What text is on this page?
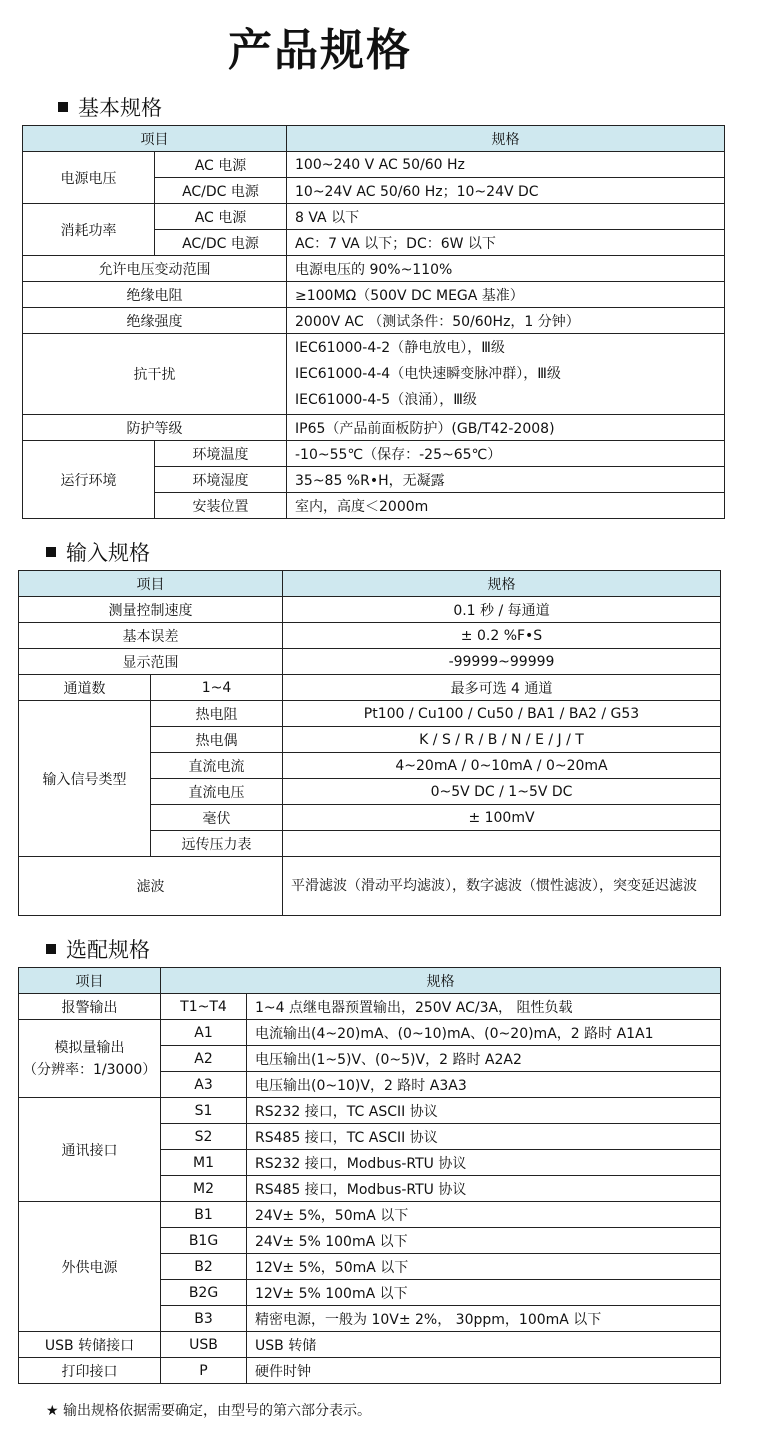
产品规格
基本规格
项目		规格
电源电压	AC 电源	100~240 V AC 50/60 Hz
	AC/DC 电源	10~24V AC 50/60 Hz；10~24V DC
消耗功率	AC 电源	8 VA 以下
	AC/DC 电源	AC：7 VA 以下；DC：6W 以下
允许电压变动范围		电源电压的 90%~110%
绝缘电阻		≥100MΩ（500V DC MEGA 基准）
绝缘强度		2000V AC （测试条件：50/60Hz，1 分钟）
抗干扰		IEC61000-4-2（静电放电），Ⅲ级
IEC61000-4-4（电快速瞬变脉冲群），Ⅲ级
IEC61000-4-5（浪涌），Ⅲ级

防护等级		IP65（产品前面板防护）(GB/T42-2008)
运行环境	环境温度	-10~55℃（保存：-25~65℃）
	环境湿度	35~85 %R•H，无凝露
	安装位置	室内，高度＜2000m
输入规格
项目		规格
测量控制速度		0.1 秒 / 每通道
基本误差		± 0.2 %F•S
显示范围		-99999~99999
通道数	1~4	最多可选 4 通道
输入信号类型	热电阻	Pt100 / Cu100 / Cu50 / BA1 / BA2 / G53
	热电偶	K / S / R / B / N / E / J / T
	直流电流	4~20mA / 0~10mA / 0~20mA
	直流电压	0~5V DC / 1~5V DC
	毫伏	± 100mV
	远传压力表	
滤波		平滑滤波（滑动平均滤波），数字滤波（惯性滤波），突变延迟滤波
选配规格
项目	规格	
报警输出	T1~T4	1~4 点继电器预置输出，250V AC/3A， 阻性负载

模拟量输出
（分辨率：1/3000）	A1	电流输出(4~20)mA、(0~10)mA、(0~20)mA，2 路时 A1A1
	A2	电压输出(1~5)V、(0~5)V，2 路时 A2A2
	A3	电压输出(0~10)V，2 路时 A3A3
通讯接口	S1	RS232 接口，TC ASCII 协议
	S2	RS485 接口，TC ASCII 协议
	M1	RS232 接口，Modbus-RTU 协议
	M2	RS485 接口，Modbus-RTU 协议
外供电源	B1	24V± 5%，50mA 以下
	B1G	24V± 5% 100mA 以下
	B2	12V± 5%，50mA 以下
	B2G	12V± 5% 100mA 以下
	B3	精密电源，一般为 10V± 2%， 30ppm，100mA 以下
USB 转储接口	USB	USB 转储
打印接口	P	硬件时钟
★ 输出规格依据需要确定，由型号的第六部分表示。
